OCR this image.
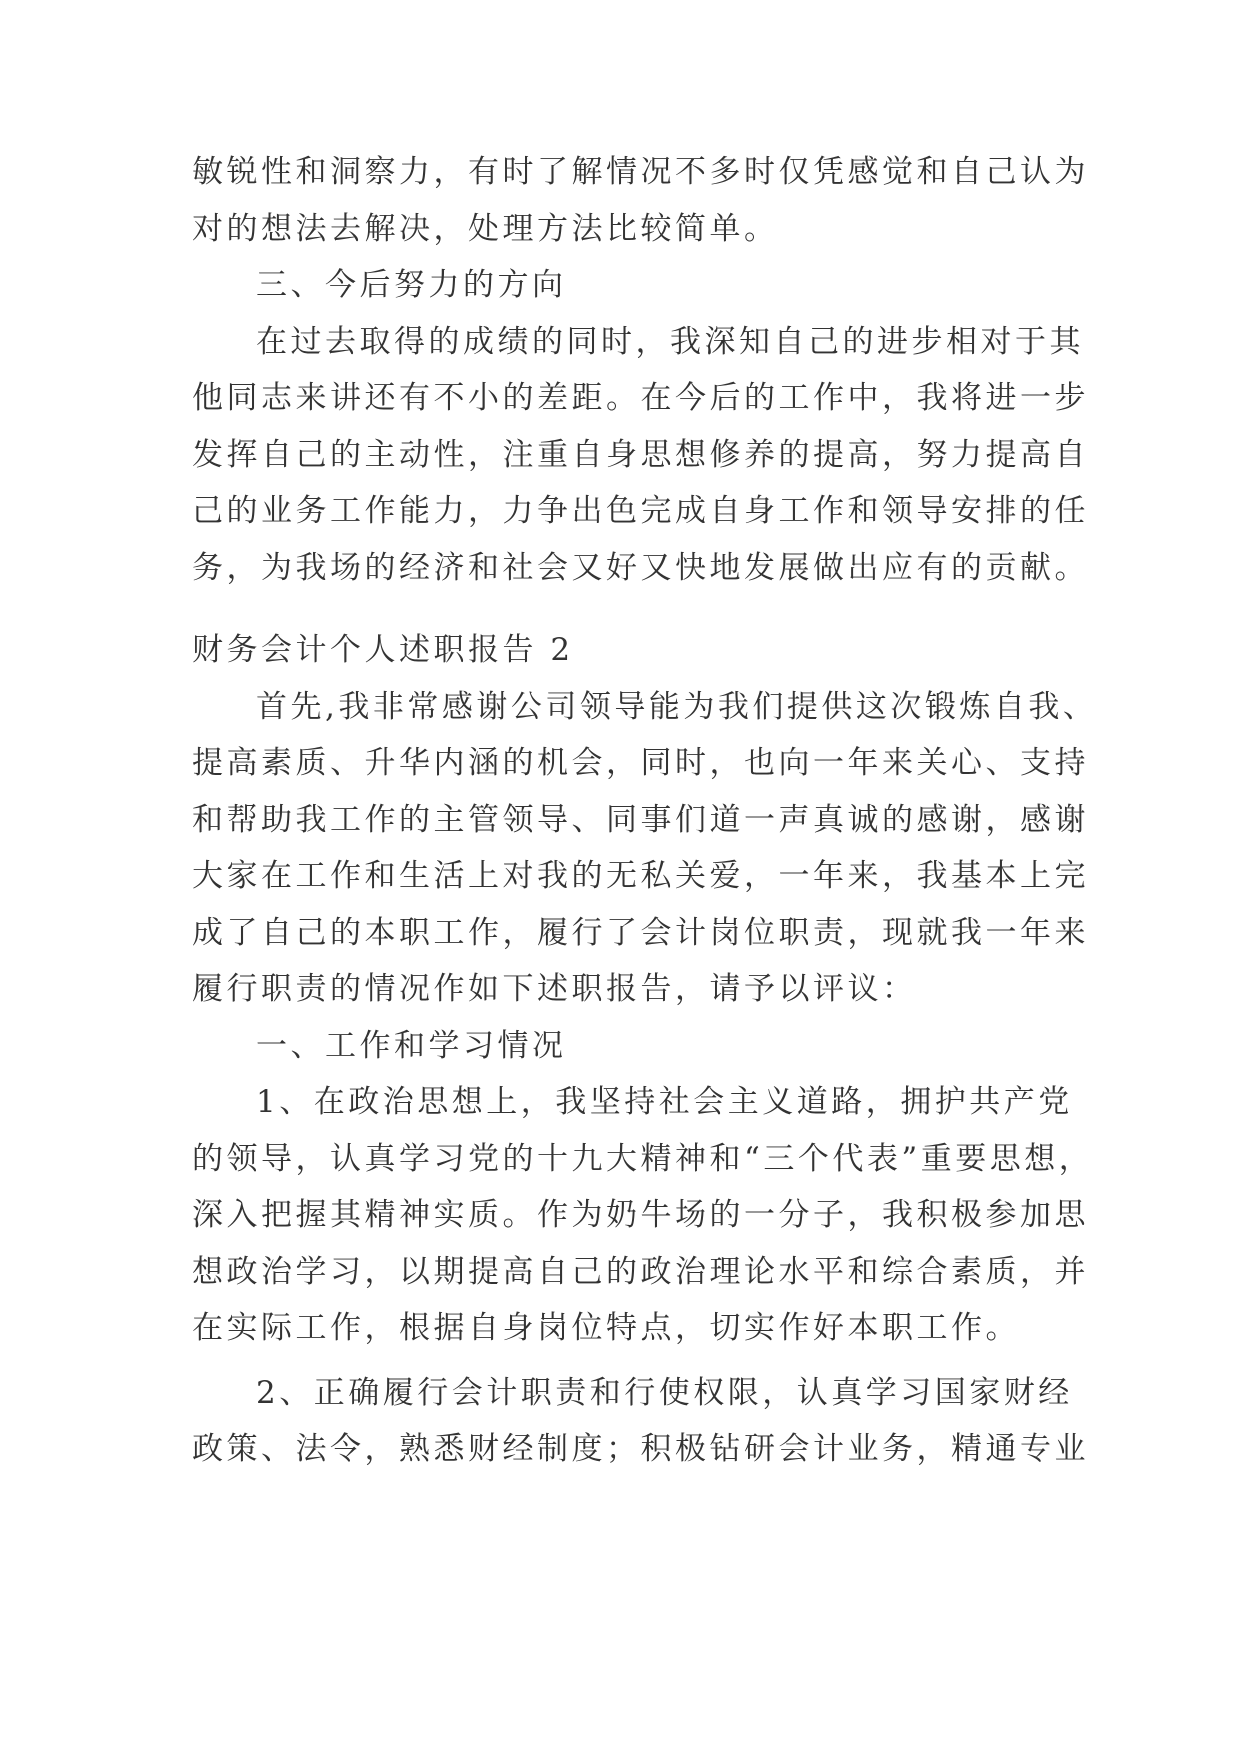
敏锐性和洞察力，有时了解情况不多时仅凭感觉和自己认为
对的想法去解决，处理方法比较简单。
三、今后努力的方向
在过去取得的成绩的同时，我深知自己的进步相对于其
他同志来讲还有不小的差距。在今后的工作中，我将进一步
发挥自己的主动性，注重自身思想修养的提高，努力提高自
己的业务工作能力，力争出色完成自身工作和领导安排的任
务，为我场的经济和社会又好又快地发展做出应有的贡献。
财务会计个人述职报告 2
首先,我非常感谢公司领导能为我们提供这次锻炼自我、
提高素质、升华内涵的机会，同时，也向一年来关心、支持
和帮助我工作的主管领导、同事们道一声真诚的感谢，感谢
大家在工作和生活上对我的无私关爱，一年来，我基本上完
成了自己的本职工作，履行了会计岗位职责，现就我一年来
履行职责的情况作如下述职报告，请予以评议：
一、工作和学习情况
1、在政治思想上，我坚持社会主义道路，拥护共产党
的领导，认真学习党的十九大精神和“三个代表”重要思想，
深入把握其精神实质。作为奶牛场的一分子，我积极参加思
想政治学习，以期提高自己的政治理论水平和综合素质，并
在实际工作，根据自身岗位特点，切实作好本职工作。
2、正确履行会计职责和行使权限，认真学习国家财经
政策、法令，熟悉财经制度；积极钻研会计业务，精通专业
